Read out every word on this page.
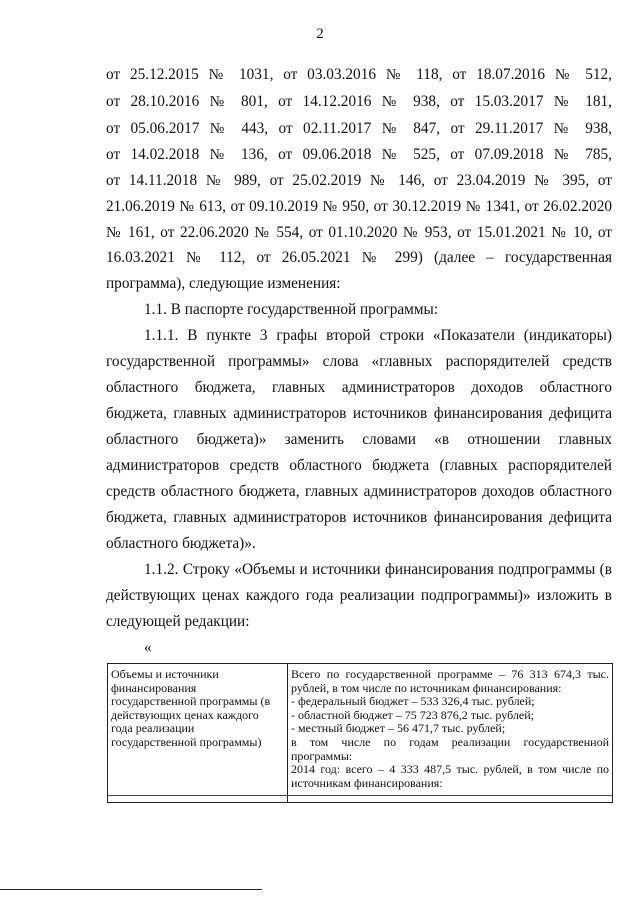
2
от 25.12.2015 № 1031, от 03.03.2016 № 118, от 18.07.2016 № 512,
от 28.10.2016 № 801, от 14.12.2016 № 938, от 15.03.2017 № 181,
от 05.06.2017 № 443, от 02.11.2017 № 847, от 29.11.2017 № 938,
от 14.02.2018 № 136, от 09.06.2018 № 525, от 07.09.2018 № 785,
от 14.11.2018 № 989, от 25.02.2019 № 146, от 23.04.2019 № 395, от
21.06.2019 № 613, от 09.10.2019 № 950, от 30.12.2019 № 1341, от 26.02.2020
№ 161, от 22.06.2020 № 554, от 01.10.2020 № 953, от 15.01.2021 № 10, от
16.03.2021 № 112, от 26.05.2021 № 299) (далее – государственная
программа), следующие изменения:
1.1. В паспорте государственной программы:
1.1.1. В пункте 3 графы второй строки «Показатели (индикаторы)
государственной программы» слова «главных распорядителей средств
областного бюджета, главных администраторов доходов областного
бюджета, главных администраторов источников финансирования дефицита
областного бюджета)» заменить словами «в отношении главных
администраторов средств областного бюджета (главных распорядителей
средств областного бюджета, главных администраторов доходов областного
бюджета, главных администраторов источников финансирования дефицита
областного бюджета)».
1.1.2. Строку «Объемы и источники финансирования подпрограммы (в
действующих ценах каждого года реализации подпрограммы)» изложить в
следующей редакции:
«
Объемы и источники
финансирования
государственной программы (в
действующих ценах каждого
года реализации
государственной программы)
Всего по государственной программе – 76 313 674,3 тыс.
рублей, в том числе по источникам финансирования:
- федеральный бюджет – 533 326,4 тыс. рублей;
- областной бюджет – 75 723 876,2 тыс. рублей;
- местный бюджет – 56 471,7 тыс. рублей;
в том числе по годам реализации государственной
программы:
2014 год: всего – 4 333 487,5 тыс. рублей, в том числе по
источникам финансирования:
